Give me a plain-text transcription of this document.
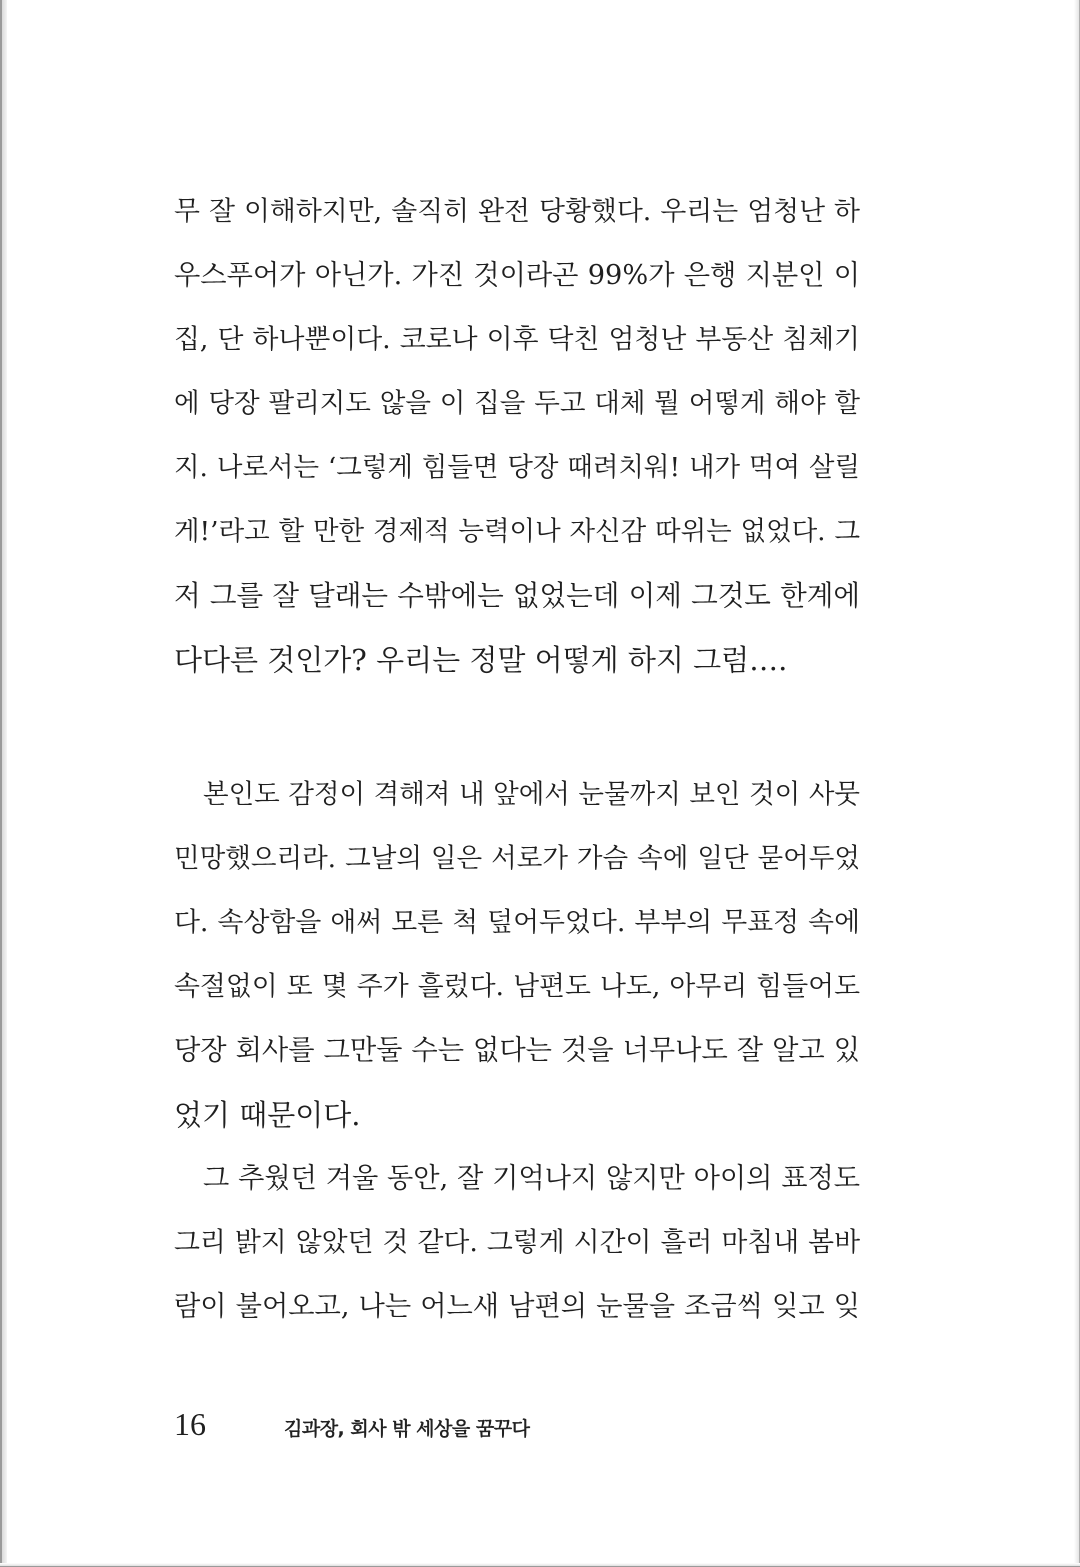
무 잘 이해하지만, 솔직히 완전 당황했다. 우리는 엄청난 하
우스푸어가 아닌가. 가진 것이라곤 99%가 은행 지분인 이
집, 단 하나뿐이다. 코로나 이후 닥친 엄청난 부동산 침체기
에 당장 팔리지도 않을 이 집을 두고 대체 뭘 어떻게 해야 할
지. 나로서는 ‘그렇게 힘들면 당장 때려치워! 내가 먹여 살릴
게!’라고 할 만한 경제적 능력이나 자신감 따위는 없었다. 그
저 그를 잘 달래는 수밖에는 없었는데 이제 그것도 한계에
다다른 것인가? 우리는 정말 어떻게 하지 그럼….
본인도 감정이 격해져 내 앞에서 눈물까지 보인 것이 사뭇
민망했으리라. 그날의 일은 서로가 가슴 속에 일단 묻어두었
다. 속상함을 애써 모른 척 덮어두었다. 부부의 무표정 속에
속절없이 또 몇 주가 흘렀다. 남편도 나도, 아무리 힘들어도
당장 회사를 그만둘 수는 없다는 것을 너무나도 잘 알고 있
었기 때문이다.
그 추웠던 겨울 동안, 잘 기억나지 않지만 아이의 표정도
그리 밝지 않았던 것 같다. 그렇게 시간이 흘러 마침내 봄바
람이 불어오고, 나는 어느새 남편의 눈물을 조금씩 잊고 잊
16	김과장, 회사 밖 세상을 꿈꾸다
